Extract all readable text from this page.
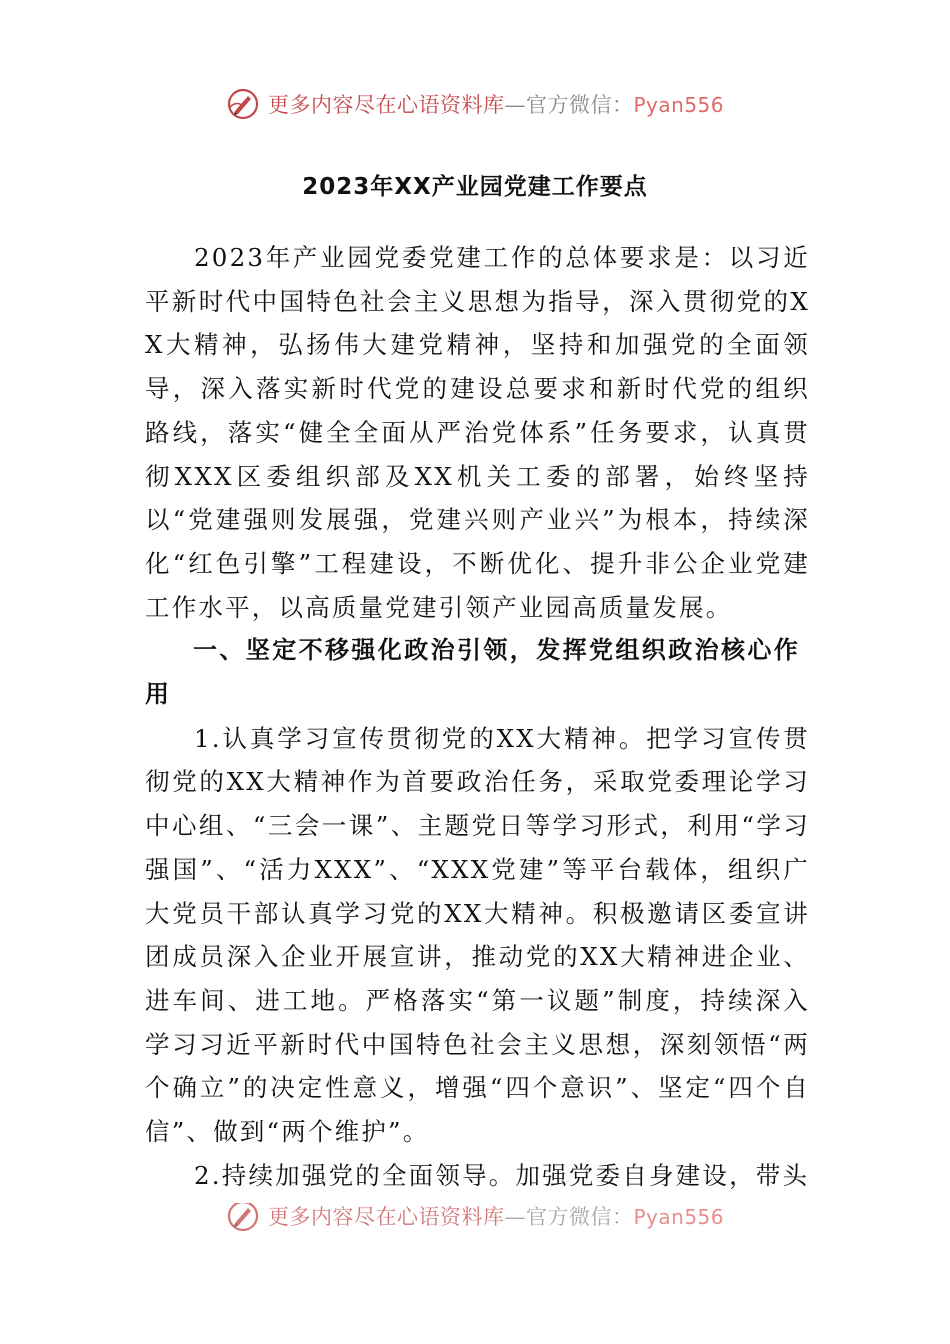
更多内容尽在心语资料库—官方微信：Pyan556
2023年XX产业园党建工作要点

2023年产业园党委党建工作的总体要求是：以习近平新时代中国特色社会主义思想为指导，深入贯彻党的XX大精神，弘扬伟大建党精神，坚持和加强党的全面领导，深入落实新时代党的建设总要求和新时代党的组织路线，落实“健全全面从严治党体系”任务要求，认真贯彻XXX区委组织部及XX机关工委的部署，始终坚持以“党建强则发展强，党建兴则产业兴”为根本，持续深化“红色引擎”工程建设，不断优化、提升非公企业党建工作水平，以高质量党建引领产业园高质量发展。

一、坚定不移强化政治引领，发挥党组织政治核心作用

1.认真学习宣传贯彻党的XX大精神。把学习宣传贯彻党的XX大精神作为首要政治任务，采取党委理论学习中心组、“三会一课”、主题党日等学习形式，利用“学习强国”、“活力XXX”、“XXX党建”等平台载体，组织广大党员干部认真学习党的XX大精神。积极邀请区委宣讲团成员深入企业开展宣讲，推动党的XX大精神进企业、进车间、进工地。严格落实“第一议题”制度，持续深入学习习近平新时代中国特色社会主义思想，深刻领悟“两个确立”的决定性意义，增强“四个意识”、坚定“四个自信”、做到“两个维护”。

2.持续加强党的全面领导。加强党委自身建设，带头

更多内容尽在心语资料库—官方微信：Pyan556
